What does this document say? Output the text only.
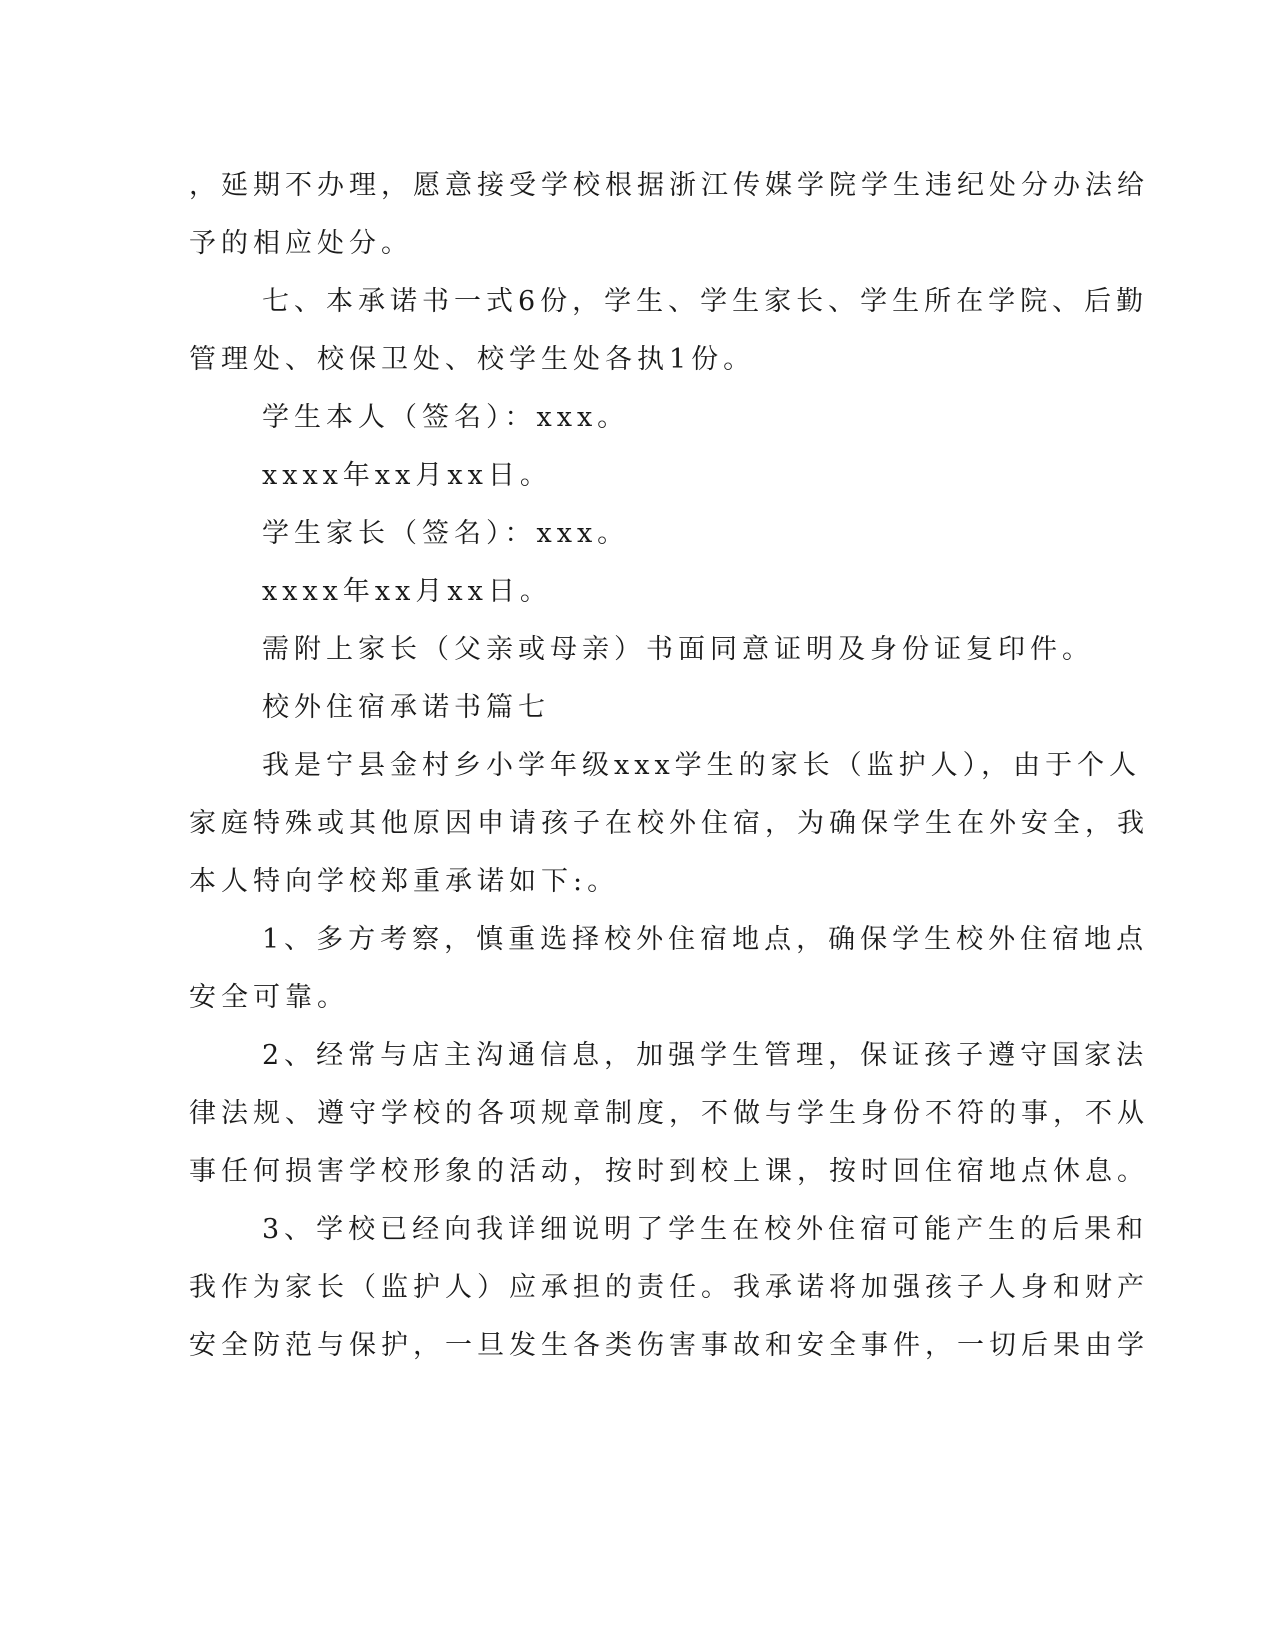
，延期不办理，愿意接受学校根据浙江传媒学院学生违纪处分办法给
予的相应处分。
七、本承诺书一式6份，学生、学生家长、学生所在学院、后勤
管理处、校保卫处、校学生处各执1份。
学生本人（签名）：xxx。
xxxx年xx月xx日。
学生家长（签名）：xxx。
xxxx年xx月xx日。
需附上家长（父亲或母亲）书面同意证明及身份证复印件。
校外住宿承诺书篇七
我是宁县金村乡小学年级xxx学生的家长（监护人），由于个人
家庭特殊或其他原因申请孩子在校外住宿，为确保学生在外安全，我
本人特向学校郑重承诺如下:。
1、多方考察，慎重选择校外住宿地点，确保学生校外住宿地点
安全可靠。
2、经常与店主沟通信息，加强学生管理，保证孩子遵守国家法
律法规、遵守学校的各项规章制度，不做与学生身份不符的事，不从
事任何损害学校形象的活动，按时到校上课，按时回住宿地点休息。
3、学校已经向我详细说明了学生在校外住宿可能产生的后果和
我作为家长（监护人）应承担的责任。我承诺将加强孩子人身和财产
安全防范与保护，一旦发生各类伤害事故和安全事件，一切后果由学
